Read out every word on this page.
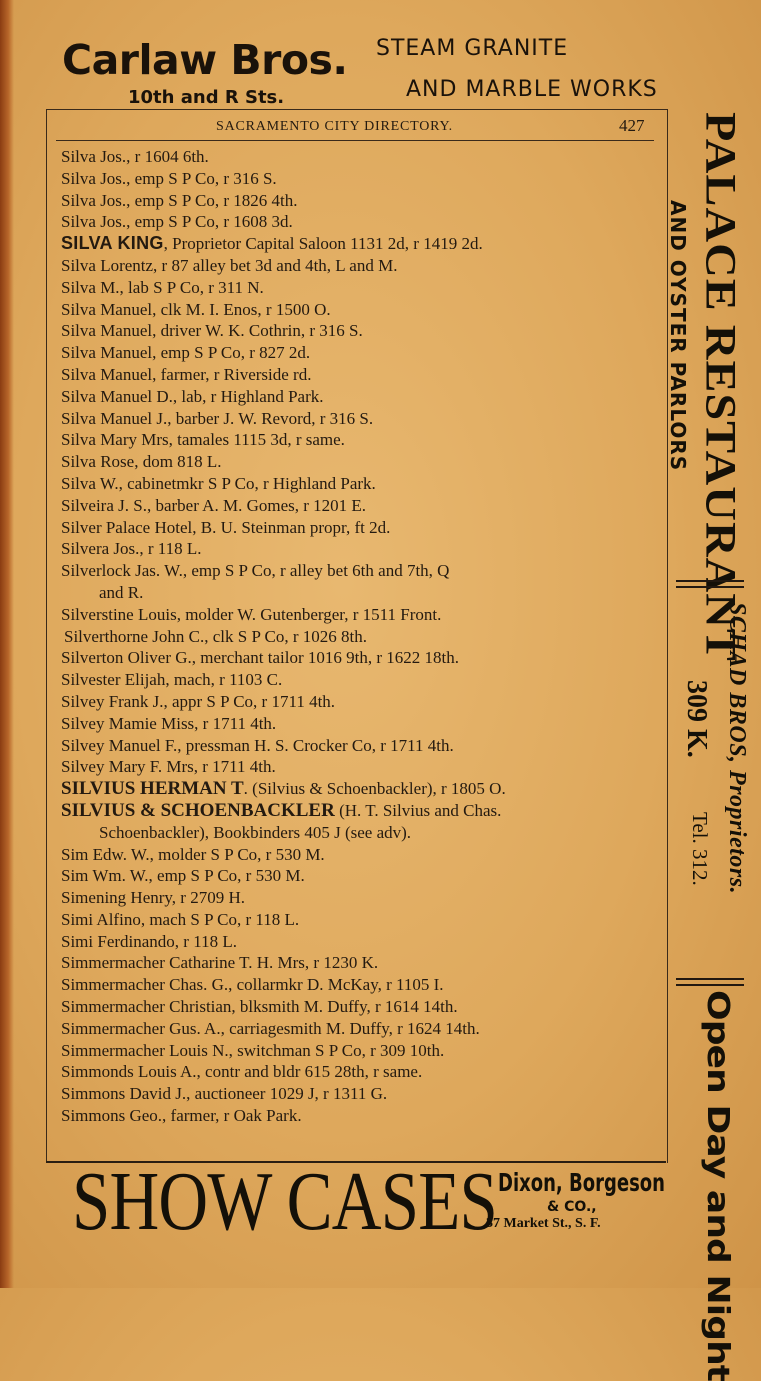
Carlaw Bros.
10th and R Sts.
STEAM GRANITE
AND MARBLE WORKS
SACRAMENTO CITY DIRECTORY.	427
Silva Jos., r 1604 6th.
Silva Jos., emp S P Co, r 316 S.
Silva Jos., emp S P Co, r 1826 4th.
Silva Jos., emp S P Co, r 1608 3d.
SILVA KING, Proprietor Capital Saloon 1131 2d, r 1419 2d.
Silva Lorentz, r 87 alley bet 3d and 4th, L and M.
Silva M., lab S P Co, r 311 N.
Silva Manuel, clk M. I. Enos, r 1500 O.
Silva Manuel, driver W. K. Cothrin, r 316 S.
Silva Manuel, emp S P Co, r 827 2d.
Silva Manuel, farmer, r Riverside rd.
Silva Manuel D., lab, r Highland Park.
Silva Manuel J., barber J. W. Revord, r 316 S.
Silva Mary Mrs, tamales 1115 3d, r same.
Silva Rose, dom 818 L.
Silva W., cabinetmkr S P Co, r Highland Park.
Silveira J. S., barber A. M. Gomes, r 1201 E.
Silver Palace Hotel, B. U. Steinman propr, ft 2d.
Silvera Jos., r 118 L.
Silverlock Jas. W., emp S P Co, r alley bet 6th and 7th, Q
and R.
Silverstine Louis, molder W. Gutenberger, r 1511 Front.
Silverthorne John C., clk S P Co, r 1026 8th.
Silverton Oliver G., merchant tailor 1016 9th, r 1622 18th.
Silvester Elijah, mach, r 1103 C.
Silvey Frank J., appr S P Co, r 1711 4th.
Silvey Mamie Miss, r 1711 4th.
Silvey Manuel F., pressman H. S. Crocker Co, r 1711 4th.
Silvey Mary F. Mrs, r 1711 4th.
SILVIUS HERMAN T. (Silvius & Schoenbackler), r 1805 O.
SILVIUS & SCHOENBACKLER (H. T. Silvius and Chas.
Schoenbackler), Bookbinders 405 J (see adv).
Sim Edw. W., molder S P Co, r 530 M.
Sim Wm. W., emp S P Co, r 530 M.
Simening Henry, r 2709 H.
Simi Alfino, mach S P Co, r 118 L.
Simi Ferdinando, r 118 L.
Simmermacher Catharine T. H. Mrs, r 1230 K.
Simmermacher Chas. G., collarmkr D. McKay, r 1105 I.
Simmermacher Christian, blksmith M. Duffy, r 1614 14th.
Simmermacher Gus. A., carriagesmith M. Duffy, r 1624 14th.
Simmermacher Louis N., switchman S P Co, r 309 10th.
Simmonds Louis A., contr and bldr 615 28th, r same.
Simmons David J., auctioneer 1029 J, r 1311 G.
Simmons Geo., farmer, r Oak Park.
PALACE RESTAURANT
AND OYSTER PARLORS
SCHAD BROS, Proprietors.
309 K.
Tel. 312.
Open Day and Night
SHOW CASES Dixon, Borgeson
& CO.,
37 Market St., S. F.
